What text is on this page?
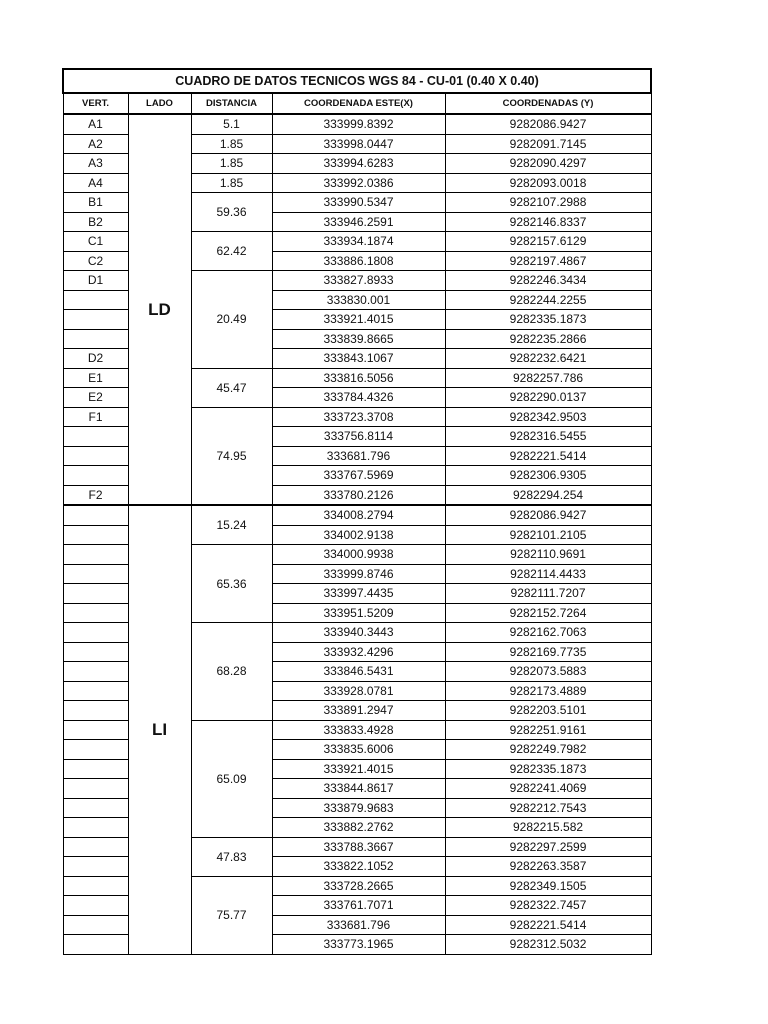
CUADRO DE DATOS TECNICOS WGS 84 - CU-01 (0.40 X 0.40)				
VERT.	LADO	DISTANCIA	COORDENADA ESTE(X)	COORDENADAS (Y)
A1	LD	5.1	333999.8392	9282086.9427
A2		1.85	333998.0447	9282091.7145
A3		1.85	333994.6283	9282090.4297
A4		1.85	333992.0386	9282093.0018
B1		59.36	333990.5347	9282107.2988
B2			333946.2591	9282146.8337
C1		62.42	333934.1874	9282157.6129
C2			333886.1808	9282197.4867
D1		20.49	333827.8933	9282246.3434
			333830.001	9282244.2255
			333921.4015	9282335.1873
			333839.8665	9282235.2866
D2			333843.1067	9282232.6421
E1		45.47	333816.5056	9282257.786
E2			333784.4326	9282290.0137
F1		74.95	333723.3708	9282342.9503
			333756.8114	9282316.5455
			333681.796	9282221.5414
			333767.5969	9282306.9305
F2			333780.2126	9282294.254
	LI	15.24	334008.2794	9282086.9427
			334002.9138	9282101.2105
		65.36	334000.9938	9282110.9691
			333999.8746	9282114.4433
			333997.4435	9282111.7207
			333951.5209	9282152.7264
		68.28	333940.3443	9282162.7063
			333932.4296	9282169.7735
			333846.5431	9282073.5883
			333928.0781	9282173.4889
			333891.2947	9282203.5101
		65.09	333833.4928	9282251.9161
			333835.6006	9282249.7982
			333921.4015	9282335.1873
			333844.8617	9282241.4069
			333879.9683	9282212.7543
			333882.2762	9282215.582
		47.83	333788.3667	9282297.2599
			333822.1052	9282263.3587
		75.77	333728.2665	9282349.1505
			333761.7071	9282322.7457
			333681.796	9282221.5414
			333773.1965	9282312.5032
